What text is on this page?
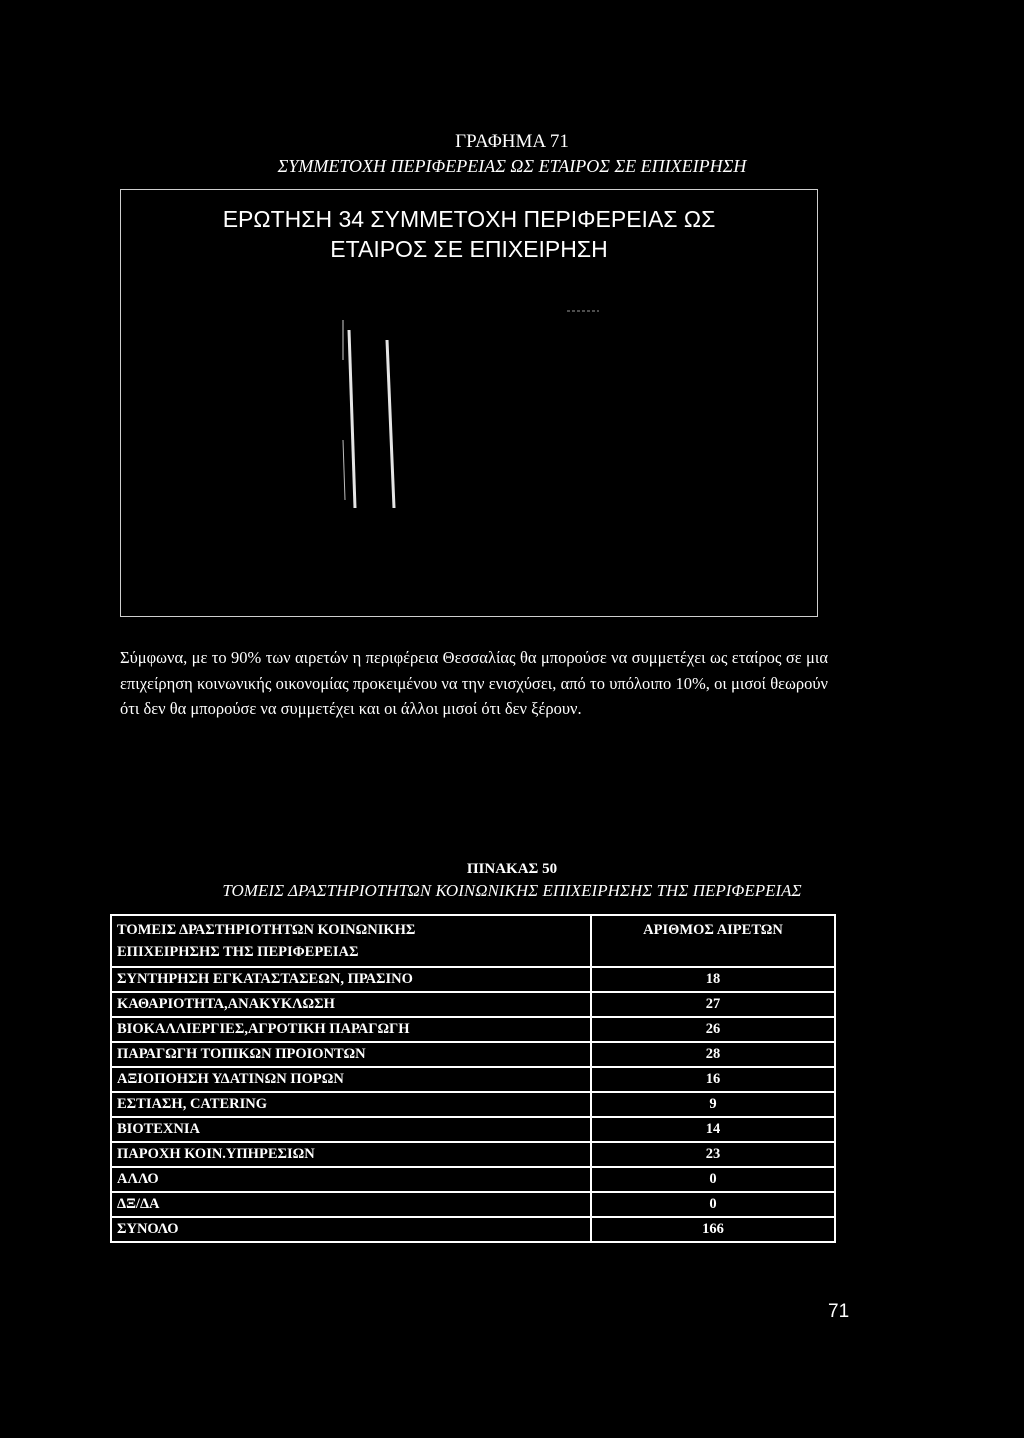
ΓΡΑΦΗΜΑ 71
ΣΥΜΜΕΤΟΧΗ ΠΕΡΙΦΕΡΕΙΑΣ ΩΣ ΕΤΑΙΡΟΣ ΣΕ ΕΠΙΧΕΙΡΗΣΗ
ΕΡΩΤΗΣΗ 34 ΣΥΜΜΕΤΟΧΗ ΠΕΡΙΦΕΡΕΙΑΣ ΩΣ
ΕΤΑΙΡΟΣ ΣΕ ΕΠΙΧΕΙΡΗΣΗ
Σύμφωνα, με το 90% των αιρετών η περιφέρεια Θεσσαλίας θα μπορούσε να συμμετέχει ως εταίρος σε μια επιχείρηση κοινωνικής οικονομίας προκειμένου να την ενισχύσει, από το υπόλοιπο 10%, οι μισοί θεωρούν ότι δεν θα μπορούσε να συμμετέχει και οι άλλοι μισοί ότι δεν ξέρουν.
ΠΙΝΑΚΑΣ 50
ΤΟΜΕΙΣ ΔΡΑΣΤΗΡΙΟΤΗΤΩΝ ΚΟΙΝΩΝΙΚΗΣ ΕΠΙΧΕΙΡΗΣΗΣ ΤΗΣ ΠΕΡΙΦΕΡΕΙΑΣ
ΤΟΜΕΙΣ ΔΡΑΣΤΗΡΙΟΤΗΤΩΝ ΚΟΙΝΩΝΙΚΗΣ
ΕΠΙΧΕΙΡΗΣΗΣ ΤΗΣ ΠΕΡΙΦΕΡΕΙΑΣ	ΑΡΙΘΜΟΣ ΑΙΡΕΤΩΝ
ΣΥΝΤΗΡΗΣΗ ΕΓΚΑΤΑΣΤΑΣΕΩΝ, ΠΡΑΣΙΝΟ	18
ΚΑΘΑΡΙΟΤΗΤΑ,ΑΝΑΚΥΚΛΩΣΗ	27
ΒΙΟΚΑΛΛΙΕΡΓΙΕΣ,ΑΓΡΟΤΙΚΗ ΠΑΡΑΓΩΓΗ	26
ΠΑΡΑΓΩΓΗ ΤΟΠΙΚΩΝ ΠΡΟΙΟΝΤΩΝ	28
ΑΞΙΟΠΟΗΣΗ ΥΔΑΤΙΝΩΝ ΠΟΡΩΝ	16
ΕΣΤΙΑΣΗ, CATERING	9
ΒΙΟΤΕΧΝΙΑ	14
ΠΑΡΟΧΗ ΚΟΙΝ.ΥΠΗΡΕΣΙΩΝ	23
ΑΛΛΟ	0
ΔΞ/ΔΑ	0
ΣΥΝΟΛΟ	166
71
